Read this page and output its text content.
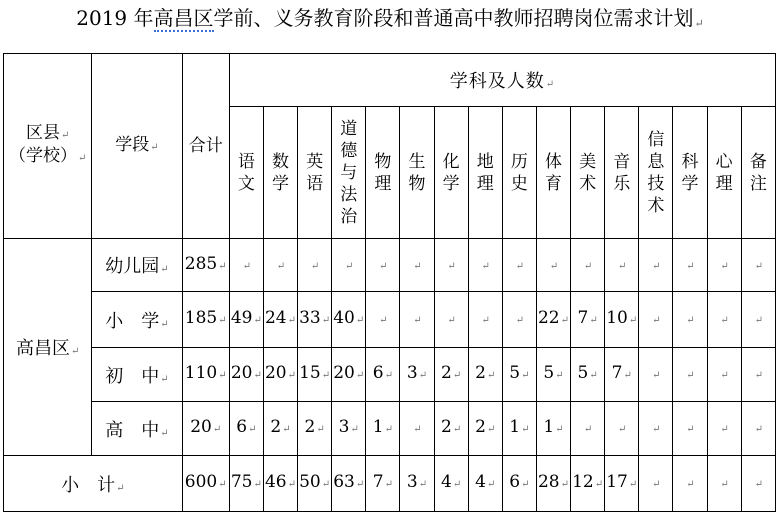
2019 年高昌区学前、义务教育阶段和普通高中教师招聘岗位需求计划↵
区县↵
（学校）↵	学段↵	合计	学科及人数↵															

			语
文	数
学	英
语	道
德
与
法
治	物
理	生
物	化
学	地
理	历
史	体
育	美
术	音
乐	信
息
技
术	科
学	心
理	备
注

高昌区↵	幼儿园↵	285↵	↵	↵	↵	↵	↵	↵	↵	↵	↵	↵	↵	↵	↵	↵	↵	↵
	小　学↵	185↵	49↵	24↵	33↵	40↵	↵	↵	↵	↵	↵	22↵	7↵	10↵	↵	↵	↵	↵
	初　中↵	110↵	20↵	20↵	15↵	20↵	6↵	3↵	2↵	2↵	5↵	5↵	5↵	7↵	↵	↵	↵	↵
	高　中↵	20↵	6↵	2↵	2↵	3↵	1↵	↵	2↵	2↵	1↵	1↵	↵	↵	↵	↵	↵	↵
小　计↵		600↵	75↵	46↵	50↵	63↵	7↵	3↵	4↵	4↵	6↵	28↵	12↵	17↵	↵	↵	↵	↵
